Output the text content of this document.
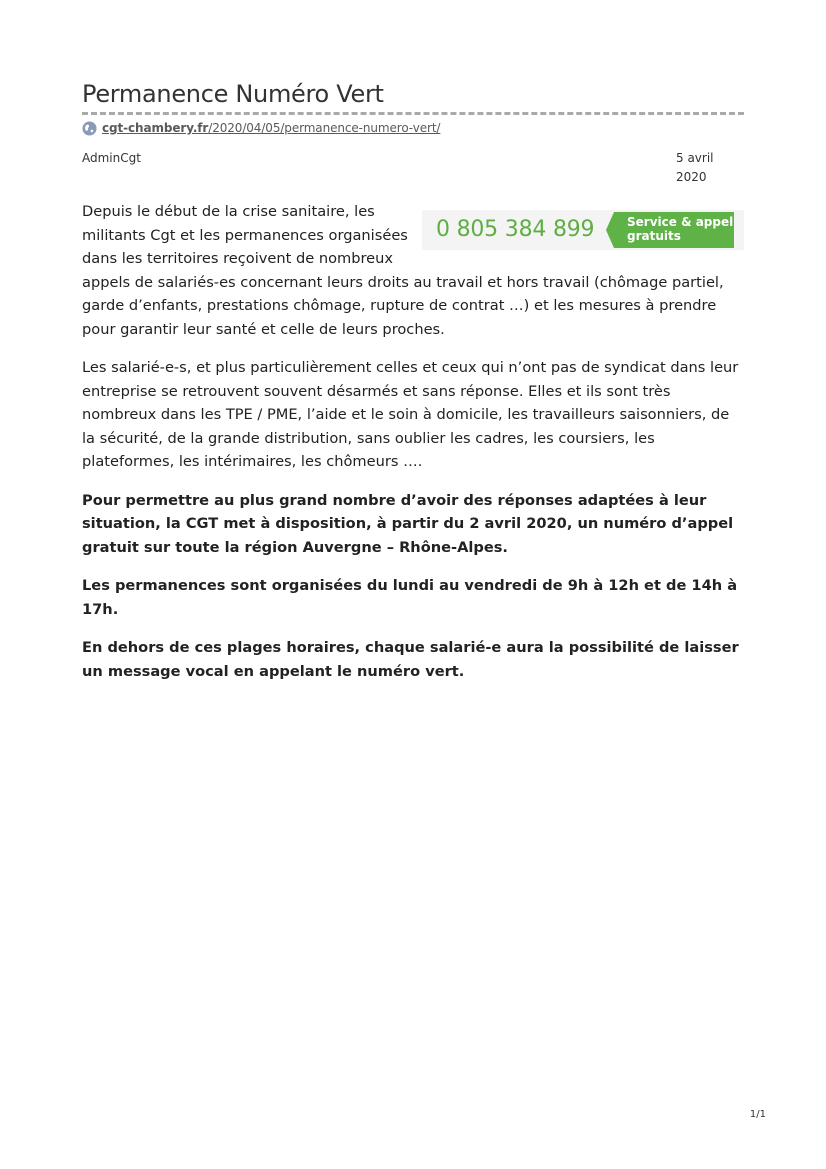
Permanence Numéro Vert
cgt-chambery.fr/2020/04/05/permanence-numero-vert/
AdminCgt	5 avril 2020
0 805 384 899	Service & appel
gratuits

Depuis le début de la crise sanitaire, les militants Cgt et les permanences organisées dans les territoires reçoivent de nombreux appels de salariés-es concernant leurs droits au travail et hors travail (chômage partiel, garde d’enfants, prestations chômage, rupture de contrat …) et les mesures à prendre pour garantir leur santé et celle de leurs proches.

Les salarié-e-s, et plus particulièrement celles et ceux qui n’ont pas de syndicat dans leur entreprise se retrouvent souvent désarmés et sans réponse. Elles et ils sont très nombreux dans les TPE / PME, l’aide et le soin à domicile, les travailleurs saisonniers, de la sécurité, de la grande distribution, sans oublier les cadres, les coursiers, les plateformes, les intérimaires, les chômeurs ….

Pour permettre au plus grand nombre d’avoir des réponses adaptées à leur situation, la CGT met à disposition, à partir du 2 avril 2020, un numéro d’appel gratuit sur toute la région Auvergne – Rhône-Alpes.

Les permanences sont organisées du lundi au vendredi de 9h à 12h et de 14h à 17h.

En dehors de ces plages horaires, chaque salarié-e aura la possibilité de laisser un message vocal en appelant le numéro vert.

1/1
